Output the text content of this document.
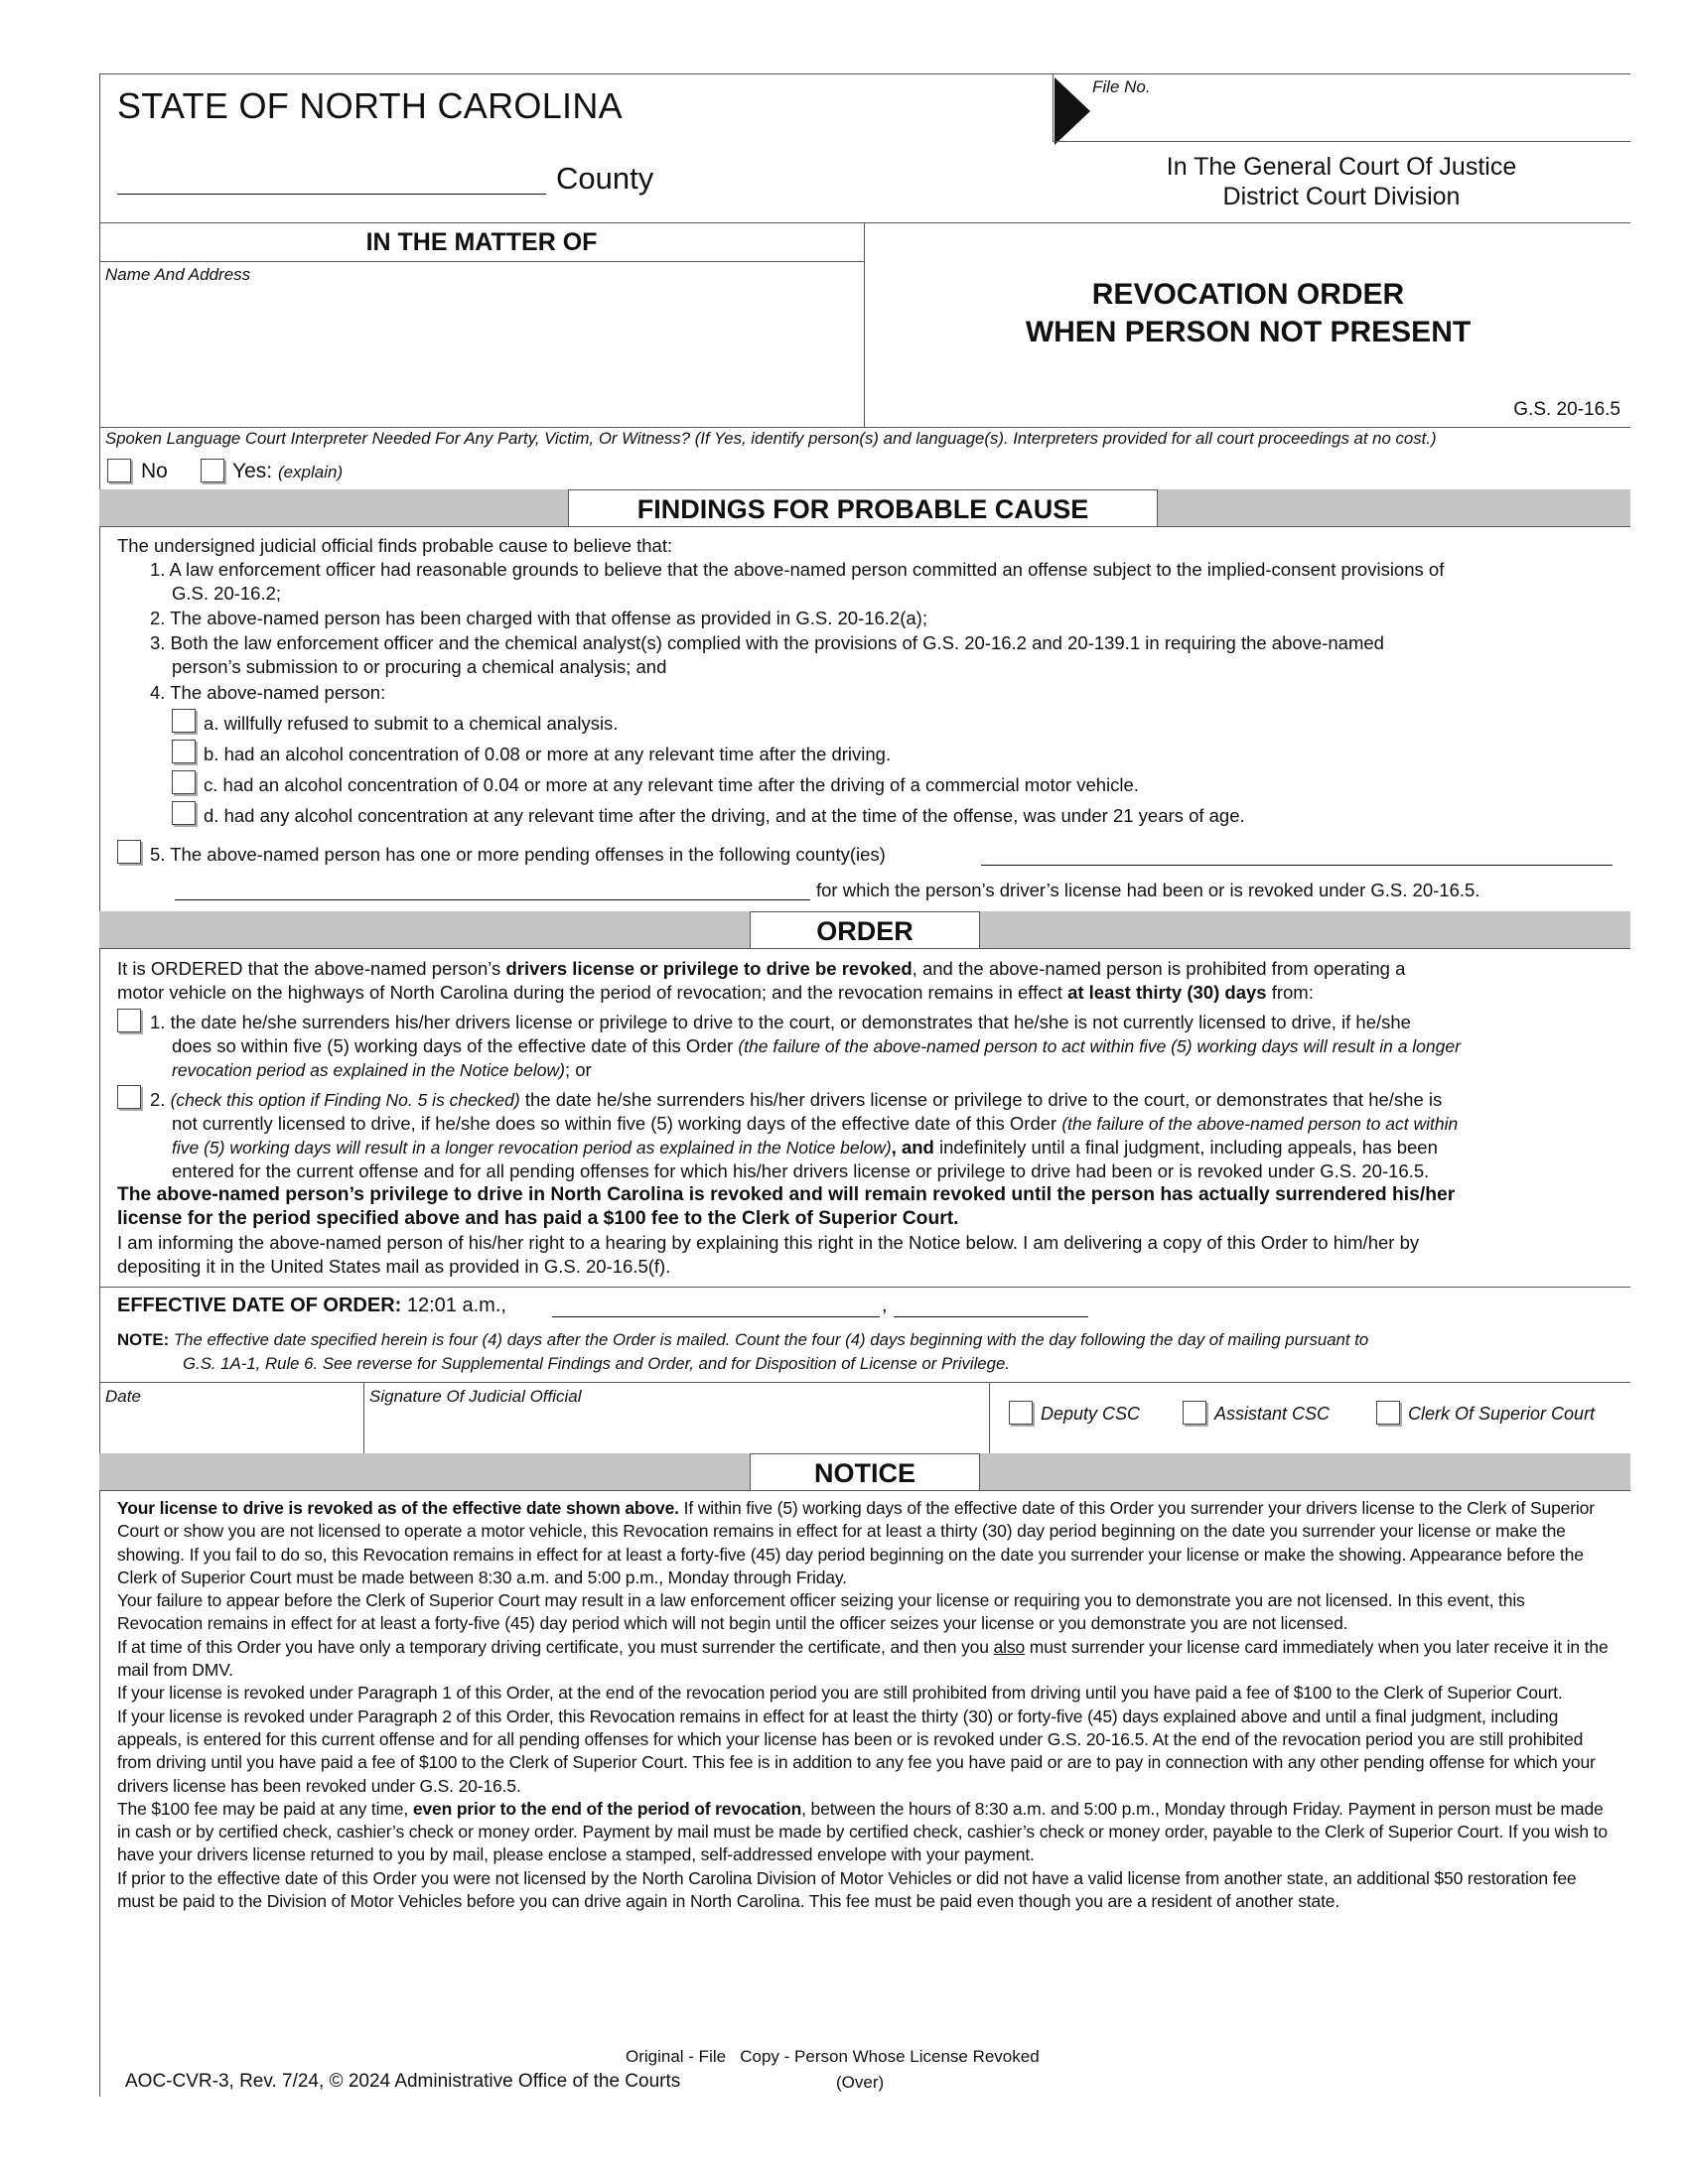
STATE OF NORTH CAROLINA
County
File No.
In The General Court Of Justice
District Court Division
IN THE MATTER OF
Name And Address
REVOCATION ORDER
WHEN PERSON NOT PRESENT
G.S. 20-16.5
Spoken Language Court Interpreter Needed For Any Party, Victim, Or Witness? (If Yes, identify person(s) and language(s). Interpreters provided for all court proceedings at no cost.)
No	Yes: (explain)
FINDINGS FOR PROBABLE CAUSE
The undersigned judicial official finds probable cause to believe that:
1. A law enforcement officer had reasonable grounds to believe that the above-named person committed an offense subject to the implied-consent provisions of
G.S. 20-16.2;
2. The above-named person has been charged with that offense as provided in G.S. 20-16.2(a);
3. Both the law enforcement officer and the chemical analyst(s) complied with the provisions of G.S. 20-16.2 and 20-139.1 in requiring the above-named
person’s submission to or procuring a chemical analysis; and
4. The above-named person:
a. willfully refused to submit to a chemical analysis.
b. had an alcohol concentration of 0.08 or more at any relevant time after the driving.
c. had an alcohol concentration of 0.04 or more at any relevant time after the driving of a commercial motor vehicle.
d. had any alcohol concentration at any relevant time after the driving, and at the time of the offense, was under 21 years of age.
5. The above-named person has one or more pending offenses in the following county(ies)
for which the person’s driver’s license had been or is revoked under G.S. 20-16.5.
ORDER
It is ORDERED that the above-named person’s drivers license or privilege to drive be revoked, and the above-named person is prohibited from operating a
motor vehicle on the highways of North Carolina during the period of revocation; and the revocation remains in effect at least thirty (30) days from:
1. the date he/she surrenders his/her drivers license or privilege to drive to the court, or demonstrates that he/she is not currently licensed to drive, if he/she
does so within five (5) working days of the effective date of this Order (the failure of the above-named person to act within five (5) working days will result in a longer
revocation period as explained in the Notice below); or
2. (check this option if Finding No. 5 is checked) the date he/she surrenders his/her drivers license or privilege to drive to the court, or demonstrates that he/she is
not currently licensed to drive, if he/she does so within five (5) working days of the effective date of this Order (the failure of the above-named person to act within
five (5) working days will result in a longer revocation period as explained in the Notice below), and indefinitely until a final judgment, including appeals, has been
entered for the current offense and for all pending offenses for which his/her drivers license or privilege to drive had been or is revoked under G.S. 20-16.5.
The above-named person’s privilege to drive in North Carolina is revoked and will remain revoked until the person has actually surrendered his/her
license for the period specified above and has paid a $100 fee to the Clerk of Superior Court.
I am informing the above-named person of his/her right to a hearing by explaining this right in the Notice below. I am delivering a copy of this Order to him/her by
depositing it in the United States mail as provided in G.S. 20-16.5(f).
EFFECTIVE DATE OF ORDER: 12:01 a.m.,	,
NOTE: The effective date specified herein is four (4) days after the Order is mailed. Count the four (4) days beginning with the day following the day of mailing pursuant to
G.S. 1A-1, Rule 6. See reverse for Supplemental Findings and Order, and for Disposition of License or Privilege.
Date	Signature Of Judicial Official
Deputy CSC	Assistant CSC	Clerk Of Superior Court
NOTICE

Your license to drive is revoked as of the effective date shown above. If within five (5) working days of the effective date of this Order you surrender your drivers license to the Clerk of Superior Court or show you are not licensed to operate a motor vehicle, this Revocation remains in effect for at least a thirty (30) day period beginning on the date you surrender your license or make the showing. If you fail to do so, this Revocation remains in effect for at least a forty-five (45) day period beginning on the date you surrender your license or make the showing. Appearance before the Clerk of Superior Court must be made between 8:30 a.m. and 5:00 p.m., Monday through Friday.

Your failure to appear before the Clerk of Superior Court may result in a law enforcement officer seizing your license or requiring you to demonstrate you are not licensed. In this event, this Revocation remains in effect for at least a forty-five (45) day period which will not begin until the officer seizes your license or you demonstrate you are not licensed.

If at time of this Order you have only a temporary driving certificate, you must surrender the certificate, and then you also must surrender your license card immediately when you later receive it in the mail from DMV.

If your license is revoked under Paragraph 1 of this Order, at the end of the revocation period you are still prohibited from driving until you have paid a fee of $100 to the Clerk of Superior Court.

If your license is revoked under Paragraph 2 of this Order, this Revocation remains in effect for at least the thirty (30) or forty-five (45) days explained above and until a final judgment, including appeals, is entered for this current offense and for all pending offenses for which your license has been or is revoked under G.S. 20-16.5. At the end of the revocation period you are still prohibited from driving until you have paid a fee of $100 to the Clerk of Superior Court. This fee is in addition to any fee you have paid or are to pay in connection with any other pending offense for which your drivers license has been revoked under G.S. 20-16.5.

The $100 fee may be paid at any time, even prior to the end of the period of revocation, between the hours of 8:30 a.m. and 5:00 p.m., Monday through Friday. Payment in person must be made in cash or by certified check, cashier’s check or money order. Payment by mail must be made by certified check, cashier’s check or money order, payable to the Clerk of Superior Court. If you wish to have your drivers license returned to you by mail, please enclose a stamped, self-addressed envelope with your payment.

If prior to the effective date of this Order you were not licensed by the North Carolina Division of Motor Vehicles or did not have a valid license from another state, an additional $50 restoration fee must be paid to the Division of Motor Vehicles before you can drive again in North Carolina. This fee must be paid even though you are a resident of another state.

Original - File   Copy - Person Whose License Revoked
AOC-CVR-3, Rev. 7/24, © 2024 Administrative Office of the Courts	(Over)
